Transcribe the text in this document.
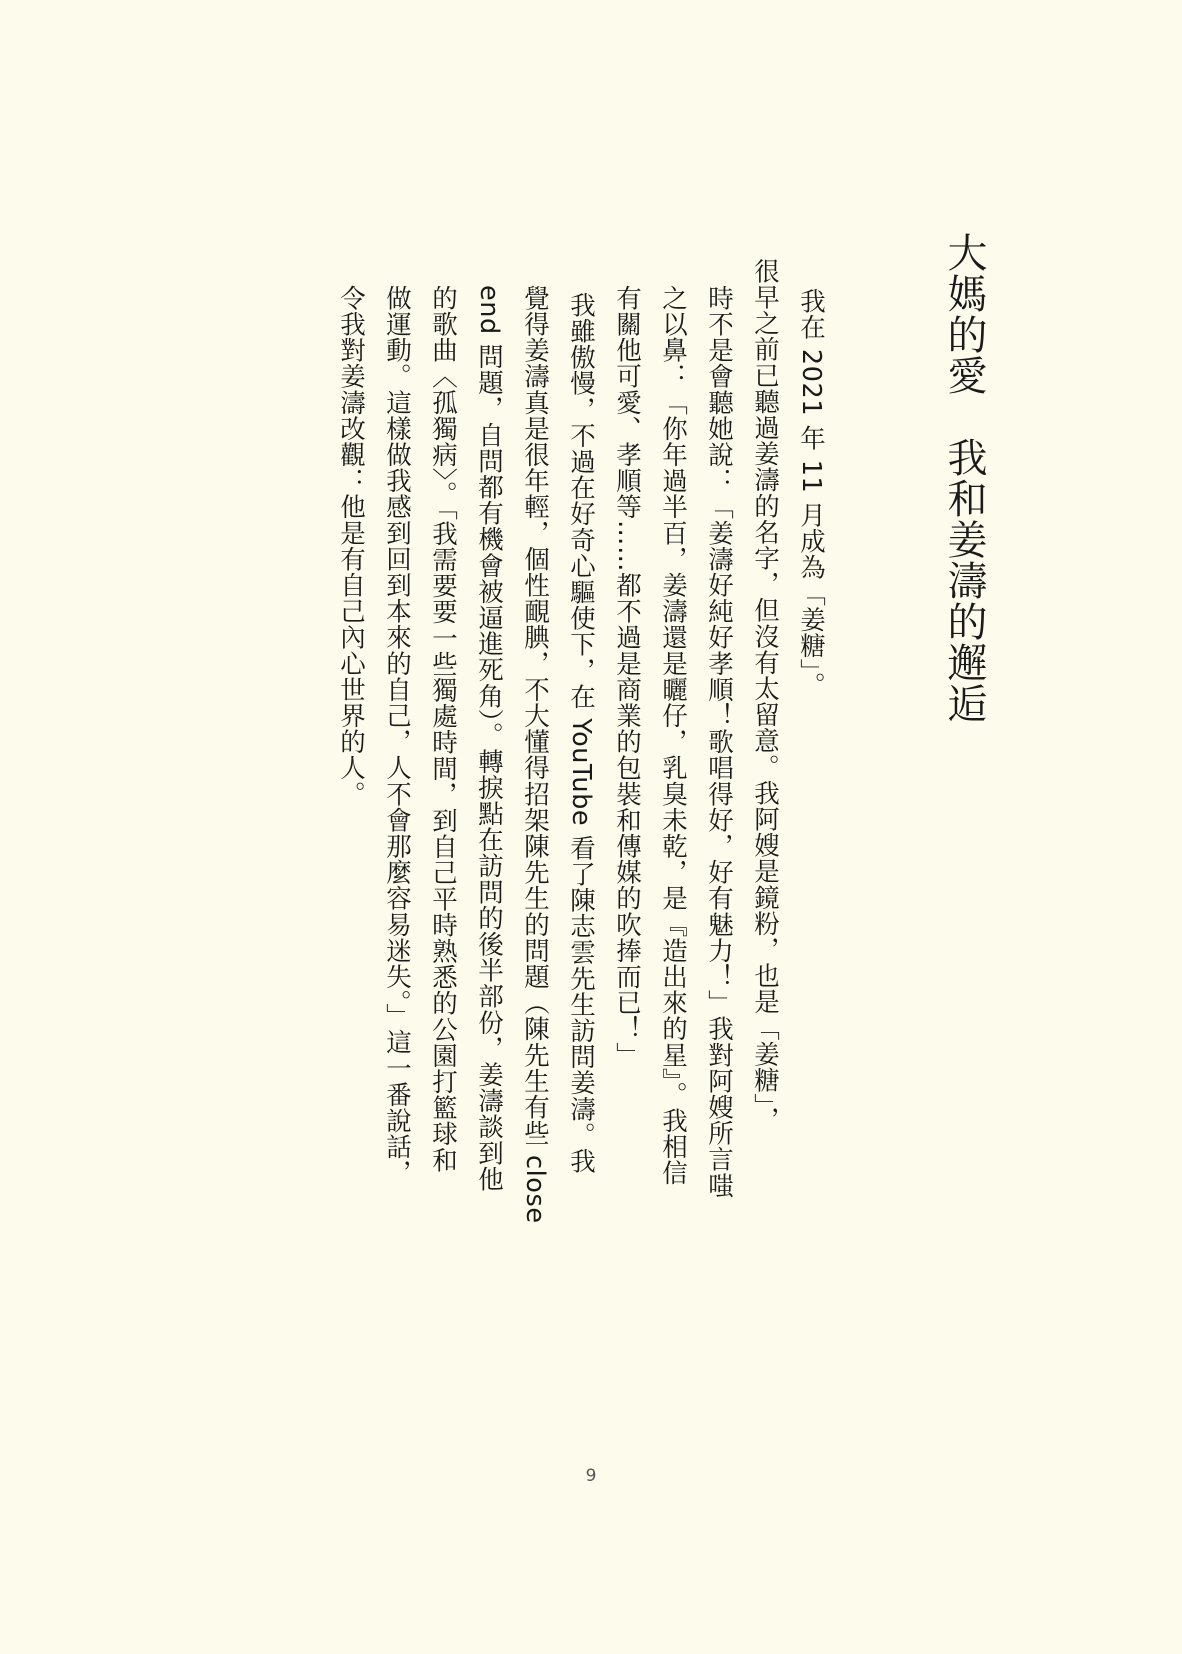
大媽的愛　我和姜濤的邂逅
我在 2021 年 11 月成為「姜糖」。
很早之前已聽過姜濤的名字，但沒有太留意。我阿嫂是鏡粉，也是「姜糖」，
時不是會聽她說：「姜濤好純好孝順！歌唱得好，好有魅力！」我對阿嫂所言嗤
之以鼻：「你年過半百，姜濤還是曬仔，乳臭未乾，是『造出來的星』。我相信
有關他可愛、孝順等……都不過是商業的包裝和傳媒的吹捧而已！」
我雖傲慢，不過在好奇心驅使下，在 YouTube 看了陳志雲先生訪問姜濤。我
覺得姜濤真是很年輕，個性靦腆，不大懂得招架陳先生的問題（陳先生有些 close
end 問題，自問都有機會被逼進死角）。轉捩點在訪問的後半部份，姜濤談到他
的歌曲〈孤獨病〉。「我需要要一些獨處時間，到自己平時熟悉的公園打籃球和
做運動。這樣做我感到回到本來的自己，人不會那麼容易迷失。」這一番說話，
令我對姜濤改觀：他是有自己內心世界的人。
9
